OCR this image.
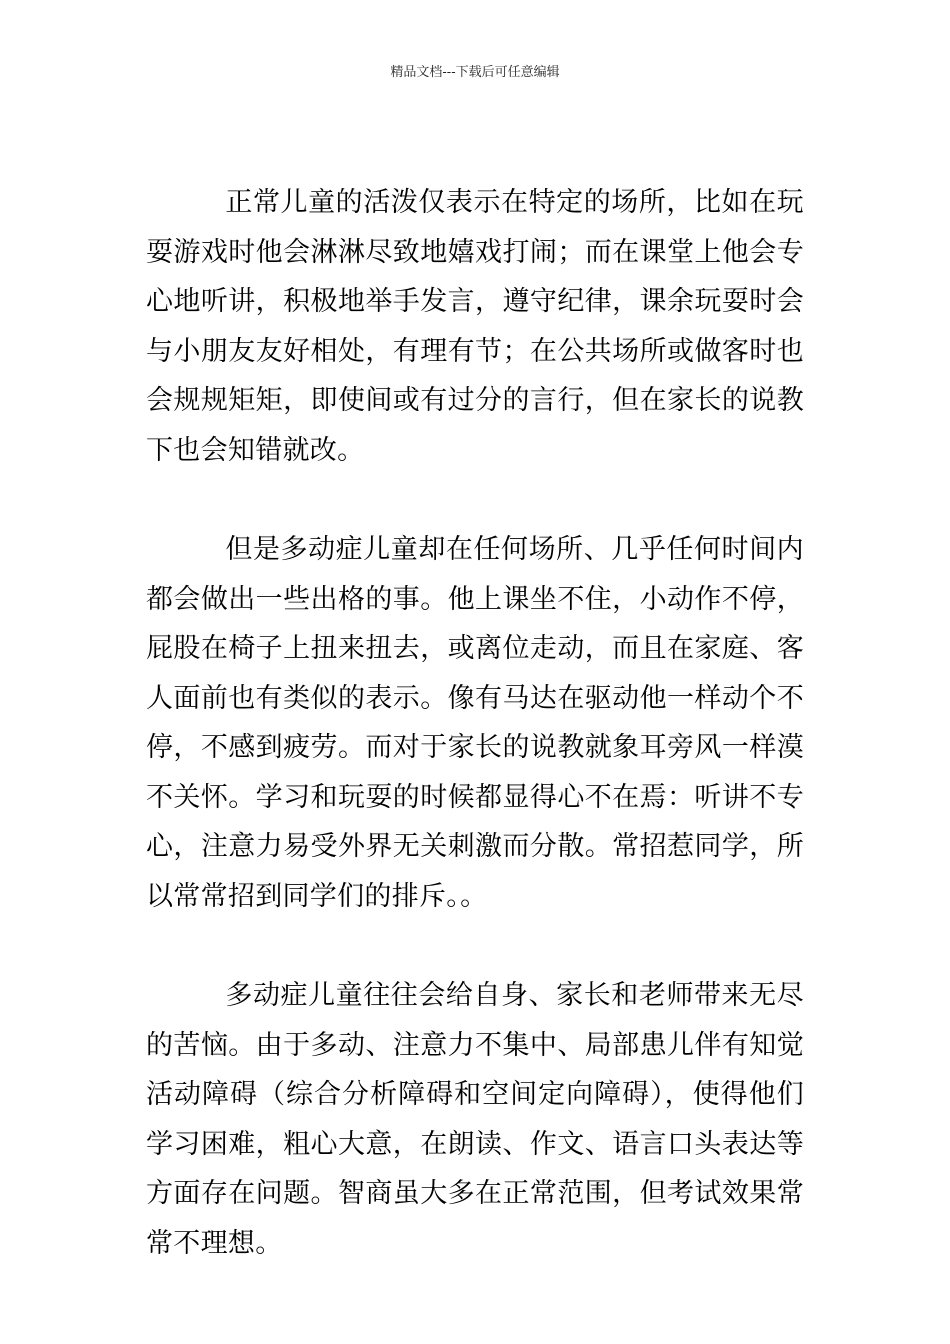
精品文档---下载后可任意编辑

正常儿童的活泼仅表示在特定的场所，比如在玩耍游戏时他会淋淋尽致地嬉戏打闹；而在课堂上他会专心地听讲，积极地举手发言，遵守纪律，课余玩耍时会与小朋友友好相处，有理有节；在公共场所或做客时也会规规矩矩，即使间或有过分的言行，但在家长的说教下也会知错就改。

但是多动症儿童却在任何场所、几乎任何时间内都会做出一些出格的事。他上课坐不住，小动作不停，屁股在椅子上扭来扭去，或离位走动，而且在家庭、客人面前也有类似的表示。像有马达在驱动他一样动个不停，不感到疲劳。而对于家长的说教就象耳旁风一样漠不关怀。学习和玩耍的时候都显得心不在焉：听讲不专心，注意力易受外界无关刺激而分散。常招惹同学，所以常常招到同学们的排斥。。

多动症儿童往往会给自身、家长和老师带来无尽的苦恼。由于多动、注意力不集中、局部患儿伴有知觉活动障碍（综合分析障碍和空间定向障碍），使得他们学习困难，粗心大意，在朗读、作文、语言口头表达等方面存在问题。智商虽大多在正常范围，但考试效果常常不理想。
